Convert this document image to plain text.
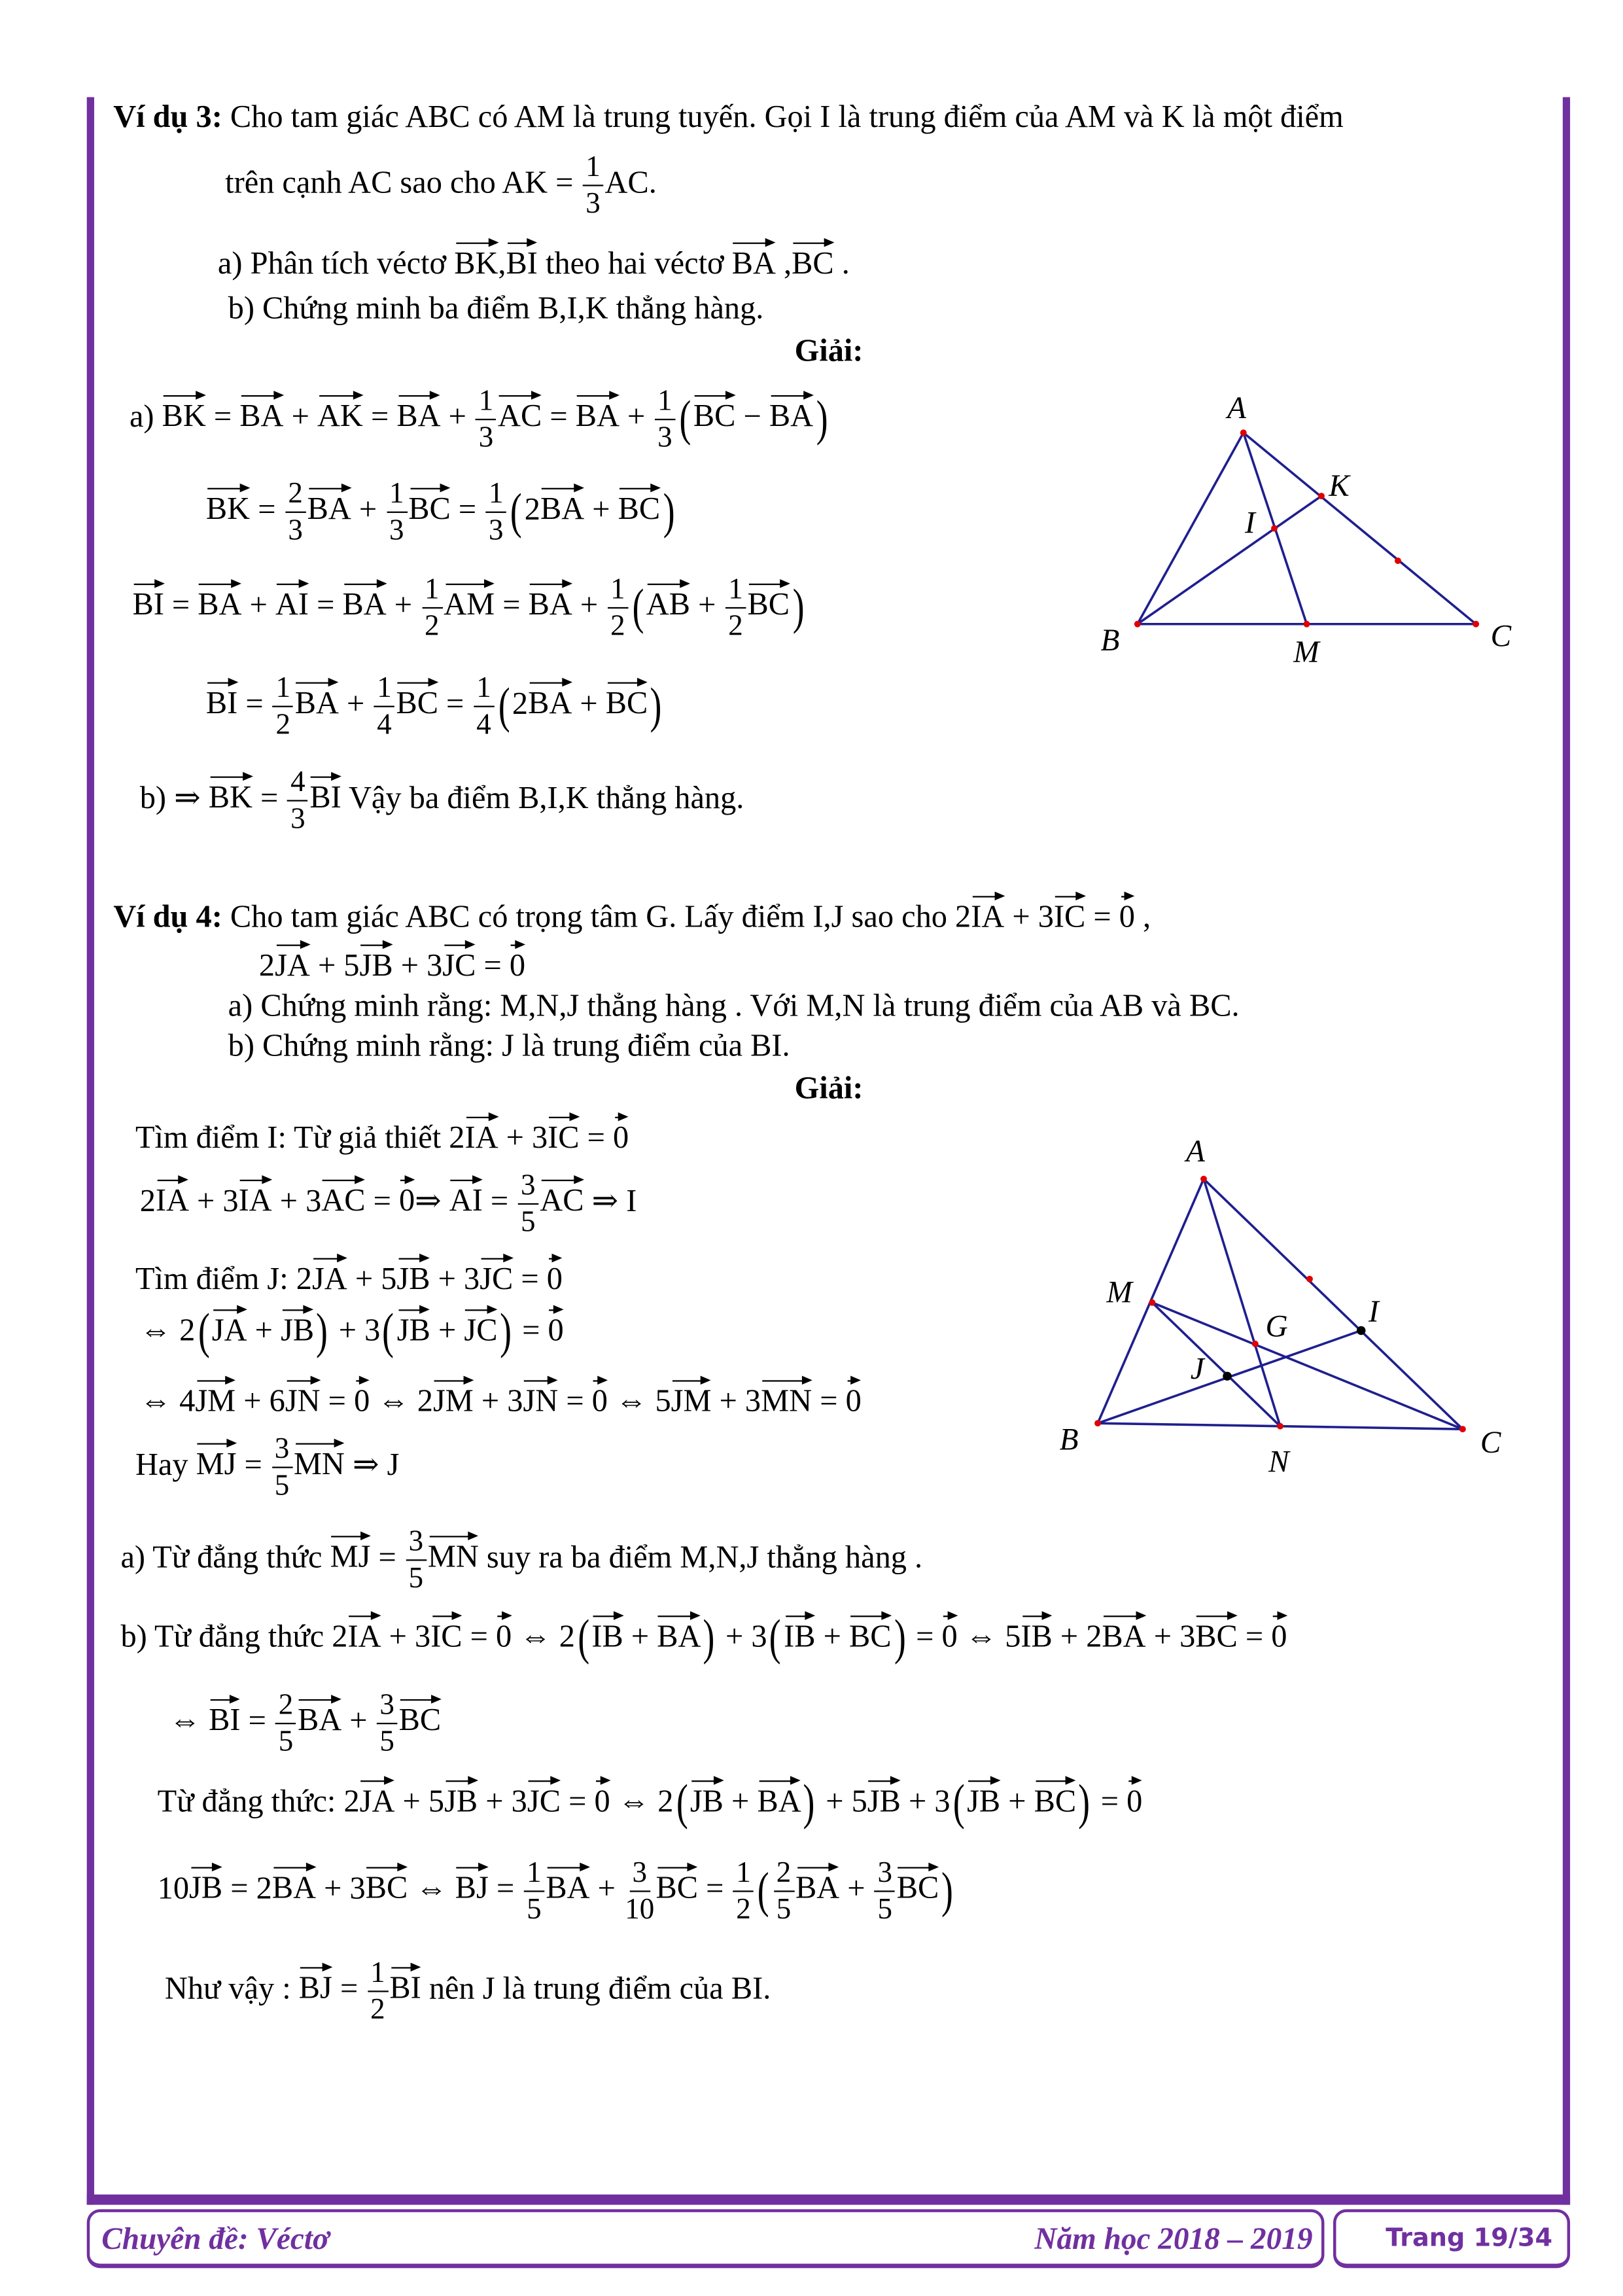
Ví dụ 3: Cho tam giác ABC có AM là trung tuyến. Gọi I là trung điểm của AM và K là một điểm
trên cạnh AC sao cho AK = $\frac{1}{3}$ AC.
a) Phân tích véctơ BK,BI theo hai véctơ BA ,BC .
b) Chứng minh ba điểm B,I,K thẳng hàng.
Giải:
a) BK = BA + AK = BA + $\frac{1}{3}$ AC = BA + $\frac{1}{3}$ ( BC − BA )
BK = $\frac{2}{3}$ BA + $\frac{1}{3}$ BC = $\frac{1}{3}$ ( 2BA + BC )
BI = BA + AI = BA + $\frac{1}{2}$ AM = BA + $\frac{1}{2}$ ( AB + $\frac{1}{2}$ BC )
BI = $\frac{1}{2}$ BA + $\frac{1}{4}$ BC = $\frac{1}{4}$ ( 2BA + BC )
b) ⇒ BK = $\frac{4}{3}$ BI Vậy ba điểm B,I,K thẳng hàng.
Ví dụ 4: Cho tam giác ABC có trọng tâm G. Lấy điểm I,J sao cho 2IA + 3IC = 0 ,
2JA + 5JB + 3JC = 0
a) Chứng minh rằng: M,N,J thẳng hàng . Với M,N là trung điểm của AB và BC.
b) Chứng minh rằng: J là trung điểm của BI.
Giải:
Tìm điểm I: Từ giả thiết 2IA + 3IC = 0
2IA + 3IA + 3AC = 0⇒ AI = $\frac{3}{5}$ AC ⇒ I
Tìm điểm J: 2JA + 5JB + 3JC = 0
⇔ 2 ( JA + JB ) + 3 ( JB + JC ) = 0
⇔ 4JM + 6JN = 0 ⇔ 2JM + 3JN = 0 ⇔ 5JM + 3MN = 0
Hay MJ = $\frac{3}{5}$ MN ⇒ J
a) Từ đẳng thức MJ = $\frac{3}{5}$ MN suy ra ba điểm M,N,J thẳng hàng .
b) Từ đẳng thức 2IA + 3IC = 0 ⇔ 2 ( IB + BA ) + 3 ( IB + BC ) = 0 ⇔ 5IB + 2BA + 3BC = 0
⇔ BI = $\frac{2}{5}$ BA + $\frac{3}{5}$ BC
Từ đẳng thức: 2JA + 5JB + 3JC = 0 ⇔ 2 ( JB + BA ) + 5JB + 3 ( JB + BC ) = 0
10JB = 2BA + 3BC ⇔ BJ = $\frac{1}{5}$ BA + $\frac{3}{10}$ BC = $\frac{1}{2}$ ( $\frac{2}{5}$ BA + $\frac{3}{5}$ BC )
Như vậy : BJ = $\frac{1}{2}$ BI nên J là trung điểm của BI.
A
K
I
B	M	C
A
M
G	I
J
B
N
C
Chuyên đề: Véctơ	Năm học 2018 – 2019	Trang 19/34
